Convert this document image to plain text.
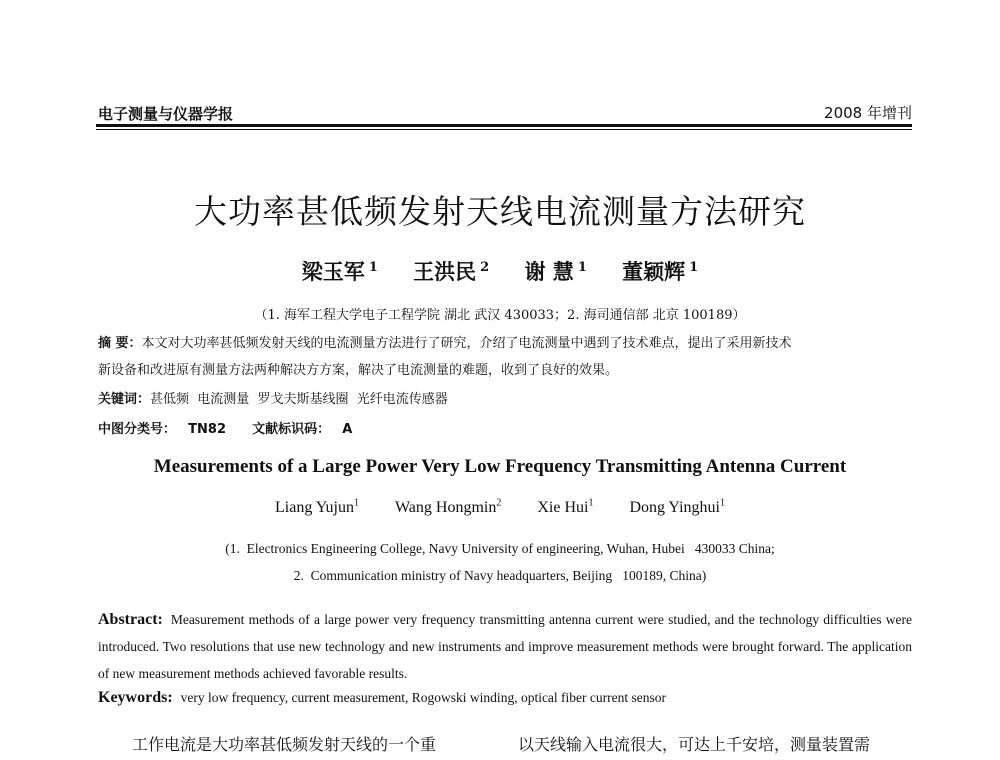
电子测量与仪器学报	2008 年增刊
大功率甚低频发射天线电流测量方法研究
梁玉军 $^1$ 王洪民 $^2$ 谢 慧 $^1$ 董颖辉 $^1$
（1. 海军工程大学电子工程学院 湖北 武汉 430033；2. 海司通信部 北京 100189）
摘 要：本文对大功率甚低频发射天线的电流测量方法进行了研究，介绍了电流测量中遇到了技术难点，提出了采用新技术
新设备和改进原有测量方法两种解决方方案，解决了电流测量的难题，收到了良好的效果。
关键词：甚低频  电流测量  罗戈夫斯基线圈  光纤电流传感器
中图分类号： TN82 文献标识码： A
Measurements of a Large Power Very Low Frequency Transmitting Antenna Current
Liang Yujun$^1$ Wang Hongmin$^2$ Xie Hui$^1$ Dong Yinghui$^1$
(1.  Electronics Engineering College, Navy University of engineering, Wuhan, Hubei   430033 China;
2.  Communication ministry of Navy headquarters, Beijing   100189, China)
Abstract: Measurement methods of a large power very frequency transmitting antenna current were studied, and the technology difficulties were introduced. Two resolutions that use new technology and new instruments and improve measurement methods were brought forward. The application of new measurement methods achieved favorable results.
Keywords: very low frequency, current measurement, Rogowski winding, optical fiber current sensor
工作电流是大功率甚低频发射天线的一个重	以天线输入电流很大，可达上千安培，测量装置需
